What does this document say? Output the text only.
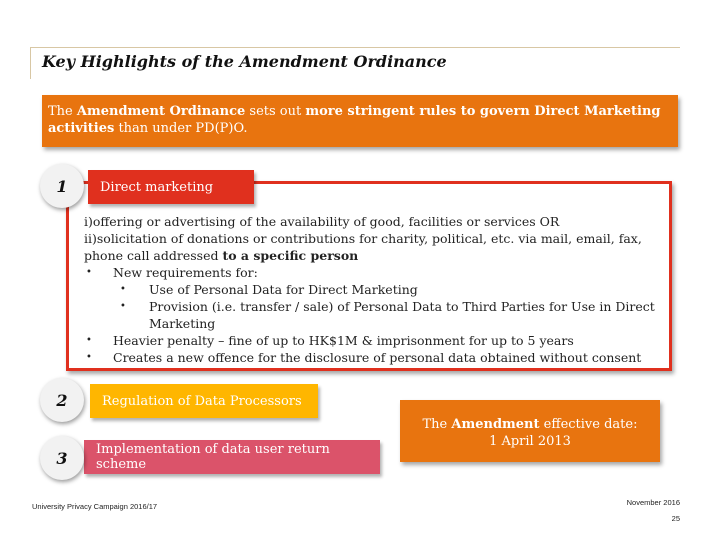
Key Highlights of the Amendment Ordinance
The Amendment Ordinance sets out more stringent rules to govern Direct Marketing activities than under PD(P)O.
Direct marketing
1
i)offering or advertising of the availability of good, facilities or services OR
ii)solicitation of donations or contributions for charity, political, etc. via mail, email, fax,
phone call addressed to a specific person
• New requirements for:
• Use of Personal Data for Direct Marketing
• Provision (i.e. transfer / sale) of Personal Data to Third Parties for Use in Direct Marketing
• Heavier penalty – fine of up to HK$1M & imprisonment for up to 5 years
• Creates a new offence for the disclosure of personal data obtained without consent
Regulation of Data Processors
2
Implementation of data user return scheme
3
The Amendment effective date:
1 April 2013
University Privacy Campaign 2016/17	November 2016
25
